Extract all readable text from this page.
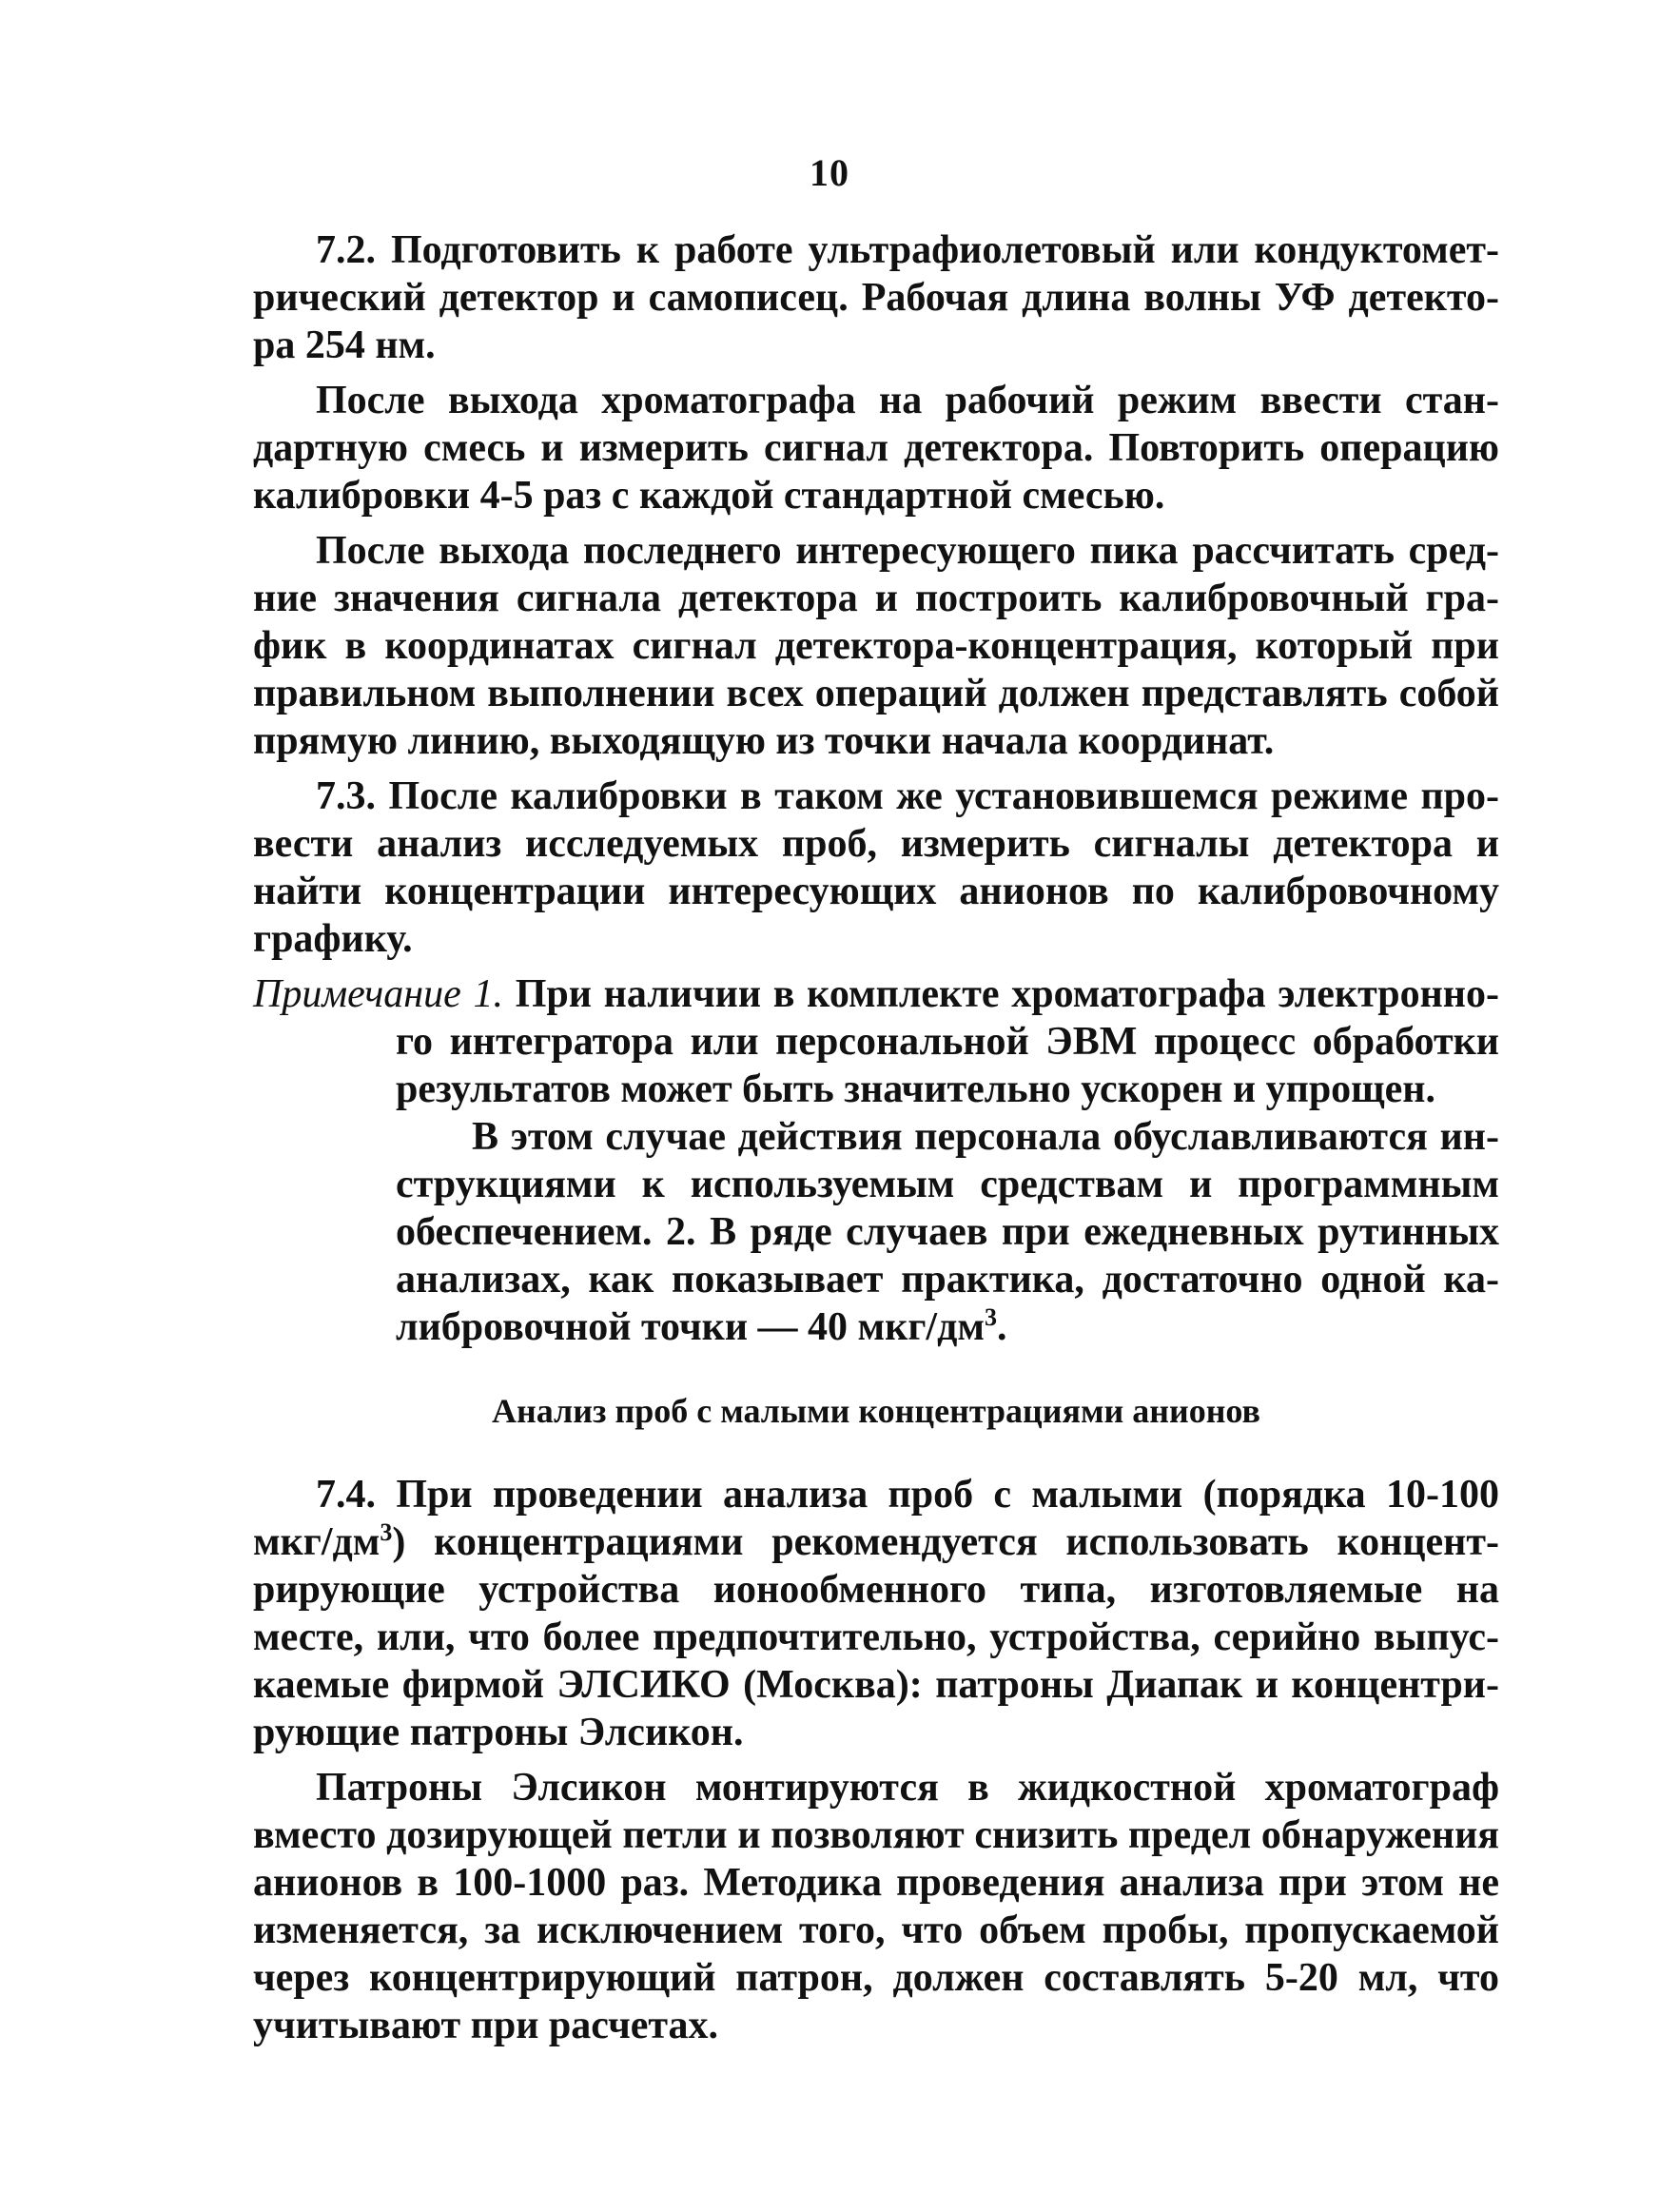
10

7.2. Подготовить к работе ультрафиолетовый или кондуктометрический детектор и самописец. Рабочая длина волны УФ детектора 254 нм.

После выхода хроматографа на рабочий режим ввести стандартную смесь и измерить сигнал детектора. Повторить операцию калибровки 4-5 раз с каждой стандартной смесью.

После выхода последнего интересующего пика рассчитать средние значения сигнала детектора и построить калибровочный график в координатах сигнал детектора-концентрация, который при правильном выполнении всех операций должен представлять собой прямую линию, выходящую из точки начала координат.

7.3. После калибровки в таком же установившемся режиме провести анализ исследуемых проб, измерить сигналы детектора и найти концентрации интересующих анионов по калибровочному графику.

Примечание 1. При наличии в комплекте хроматографа электронного интегратора или персональной ЭВМ процесс обработки результатов может быть значительно ускорен и упрощен.

В этом случае действия персонала обуславливаются инструкциями к используемым средствам и программным обеспечением. 2. В ряде случаев при ежедневных рутинных анализах, как показывает практика, достаточно одной калибровочной точки — 40 мкг/$дм^3$.

Анализ проб с малыми концентрациями анионов

7.4. При проведении анализа проб с малыми (порядка 10-100 мкг/$дм^3$) концентрациями рекомендуется использовать концентрирующие устройства ионообменного типа, изготовляемые на месте, или, что более предпочтительно, устройства, серийно выпускаемые фирмой ЭЛСИКО (Москва): патроны Диапак и концентрирующие патроны Элсикон.

Патроны Элсикон монтируются в жидкостной хроматограф вместо дозирующей петли и позволяют снизить предел обнаружения анионов в 100-1000 раз. Методика проведения анализа при этом не изменяется, за исключением того, что объем пробы, пропускаемой через концентрирующий патрон, должен составлять 5-20 мл, что учитывают при расчетах.
